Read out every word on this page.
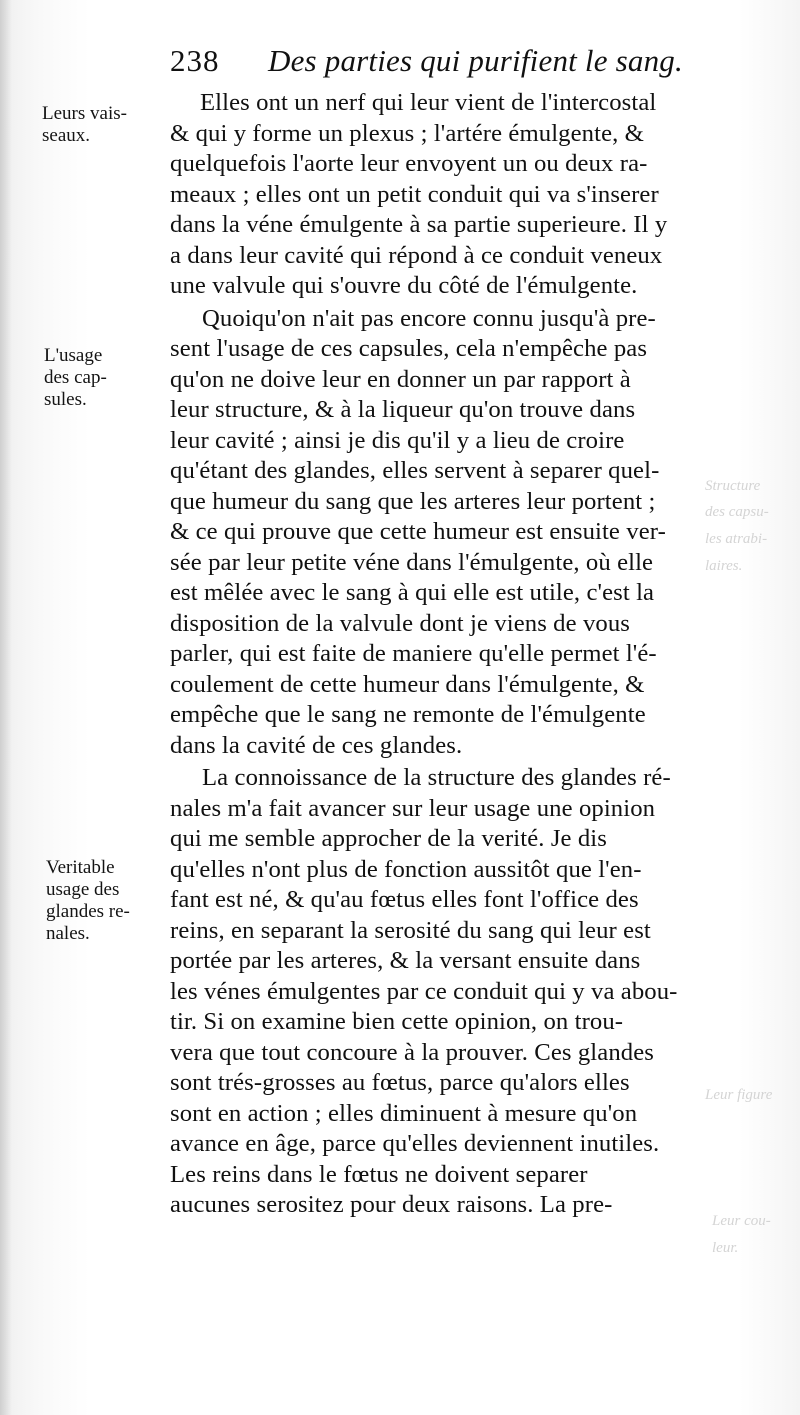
Structure
des capsu-
les atrabi-
laires.
Leur figure
Leur cou-
leur.
238 Des parties qui purifient le sang.
Leurs vais-
seaux.
L'usage
des cap-
sules.
Veritable
usage des
glandes re-
nales.
Elles ont un nerf qui leur vient de l'intercostal
& qui y forme un plexus ; l'artére émulgente, &
quelquefois l'aorte leur envoyent un ou deux ra-
meaux ; elles ont un petit conduit qui va s'inserer
dans la véne émulgente à sa partie superieure. Il y
a dans leur cavité qui répond à ce conduit veneux
une valvule qui s'ouvre du côté de l'émulgente.
Quoiqu'on n'ait pas encore connu jusqu'à pre-
sent l'usage de ces capsules, cela n'empêche pas
qu'on ne doive leur en donner un par rapport à
leur structure, & à la liqueur qu'on trouve dans
leur cavité ; ainsi je dis qu'il y a lieu de croire
qu'étant des glandes, elles servent à separer quel-
que humeur du sang que les arteres leur portent ;
& ce qui prouve que cette humeur est ensuite ver-
sée par leur petite véne dans l'émulgente, où elle
est mêlée avec le sang à qui elle est utile, c'est la
disposition de la valvule dont je viens de vous
parler, qui est faite de maniere qu'elle permet l'é-
coulement de cette humeur dans l'émulgente, &
empêche que le sang ne remonte de l'émulgente
dans la cavité de ces glandes.
La connoissance de la structure des glandes ré-
nales m'a fait avancer sur leur usage une opinion
qui me semble approcher de la verité. Je dis
qu'elles n'ont plus de fonction aussitôt que l'en-
fant est né, & qu'au fœtus elles font l'office des
reins, en separant la serosité du sang qui leur est
portée par les arteres, & la versant ensuite dans
les vénes émulgentes par ce conduit qui y va abou-
tir. Si on examine bien cette opinion, on trou-
vera que tout concoure à la prouver. Ces glandes
sont trés-grosses au fœtus, parce qu'alors elles
sont en action ; elles diminuent à mesure qu'on
avance en âge, parce qu'elles deviennent inutiles.
Les reins dans le fœtus ne doivent separer
aucunes serositez pour deux raisons. La pre-
